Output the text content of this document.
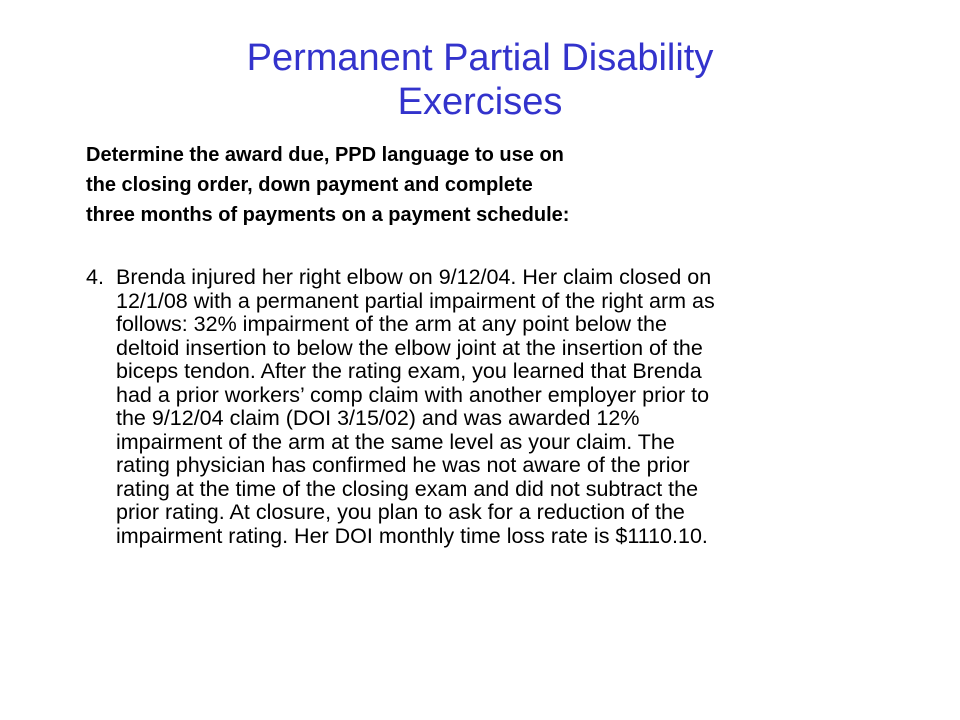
Permanent Partial Disability
Exercises
Determine the award due, PPD language to use on
the closing order, down payment and complete
three months of payments on a payment schedule:
4. Brenda injured her right elbow on 9/12/04. Her claim closed on
12/1/08 with a permanent partial impairment of the right arm as
follows: 32% impairment of the arm at any point below the
deltoid insertion to below the elbow joint at the insertion of the
biceps tendon. After the rating exam, you learned that Brenda
had a prior workers’ comp claim with another employer prior to
the 9/12/04 claim (DOI 3/15/02) and was awarded 12%
impairment of the arm at the same level as your claim. The
rating physician has confirmed he was not aware of the prior
rating at the time of the closing exam and did not subtract the
prior rating. At closure, you plan to ask for a reduction of the
impairment rating. Her DOI monthly time loss rate is $1110.10.
